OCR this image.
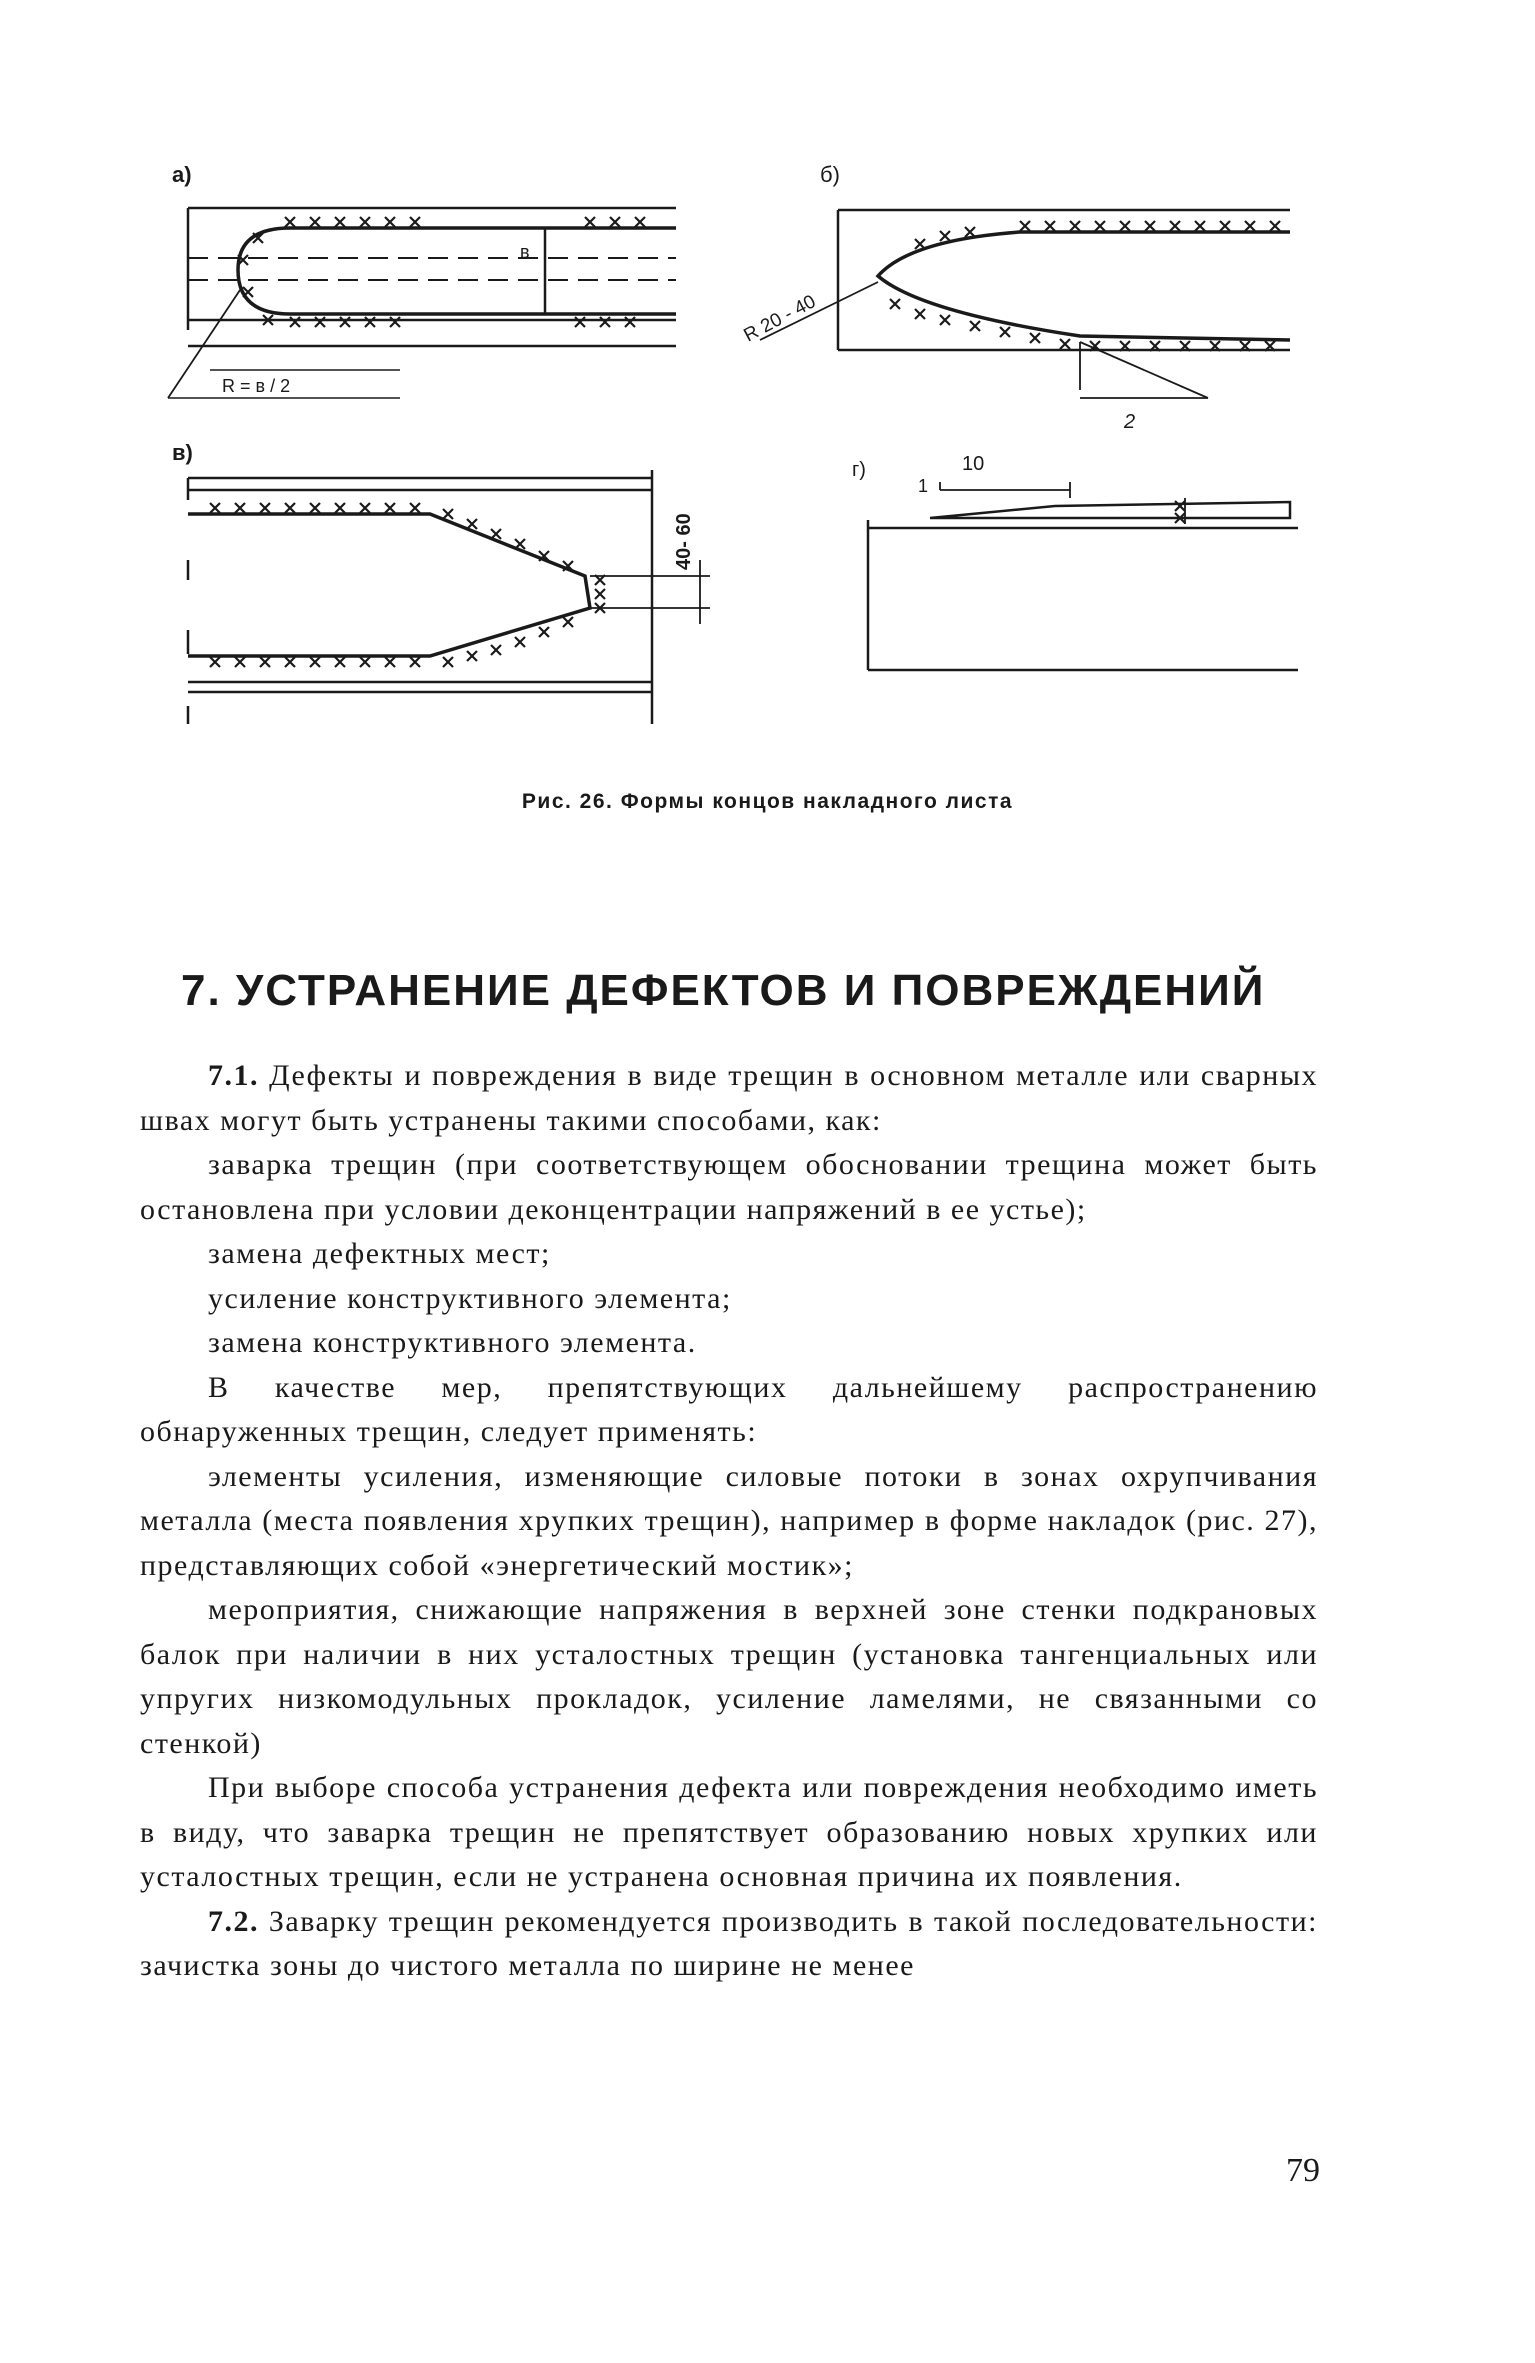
а)
в
R = в / 2
б)
R 20 - 40
2
в)
40- 60
г)	10
1
Рис. 26. Формы концов накладного листа
7. УСТРАНЕНИЕ ДЕФЕКТОВ И ПОВРЕЖДЕНИЙ

7.1. Дефекты и повреждения в виде трещин в основном металле или сварных швах могут быть устранены такими способами, как:

заварка трещин (при соответствующем обосновании трещина может быть остановлена при условии деконцентрации напряжений в ее устье);

замена дефектных мест;

усиление конструктивного элемента;

замена конструктивного элемента.

В качестве мер, препятствующих дальнейшему распространению обнаруженных трещин, следует применять:

элементы усиления, изменяющие силовые потоки в зонах охрупчивания металла (места появления хрупких трещин), например в форме накладок (рис. 27), представляющих собой «энергетический мостик»;

мероприятия, снижающие напряжения в верхней зоне стенки подкрановых балок при наличии в них усталостных трещин (установка тангенциальных или упругих низкомодульных прокладок, усиление ламелями, не связанными со стенкой)

При выборе способа устранения дефекта или повреждения необходимо иметь в виду, что заварка трещин не препятствует образованию новых хрупких или усталостных трещин, если не устранена основная причина их появления.

7.2. Заварку трещин рекомендуется производить в такой последовательности: зачистка зоны до чистого металла по ширине не менее

79
